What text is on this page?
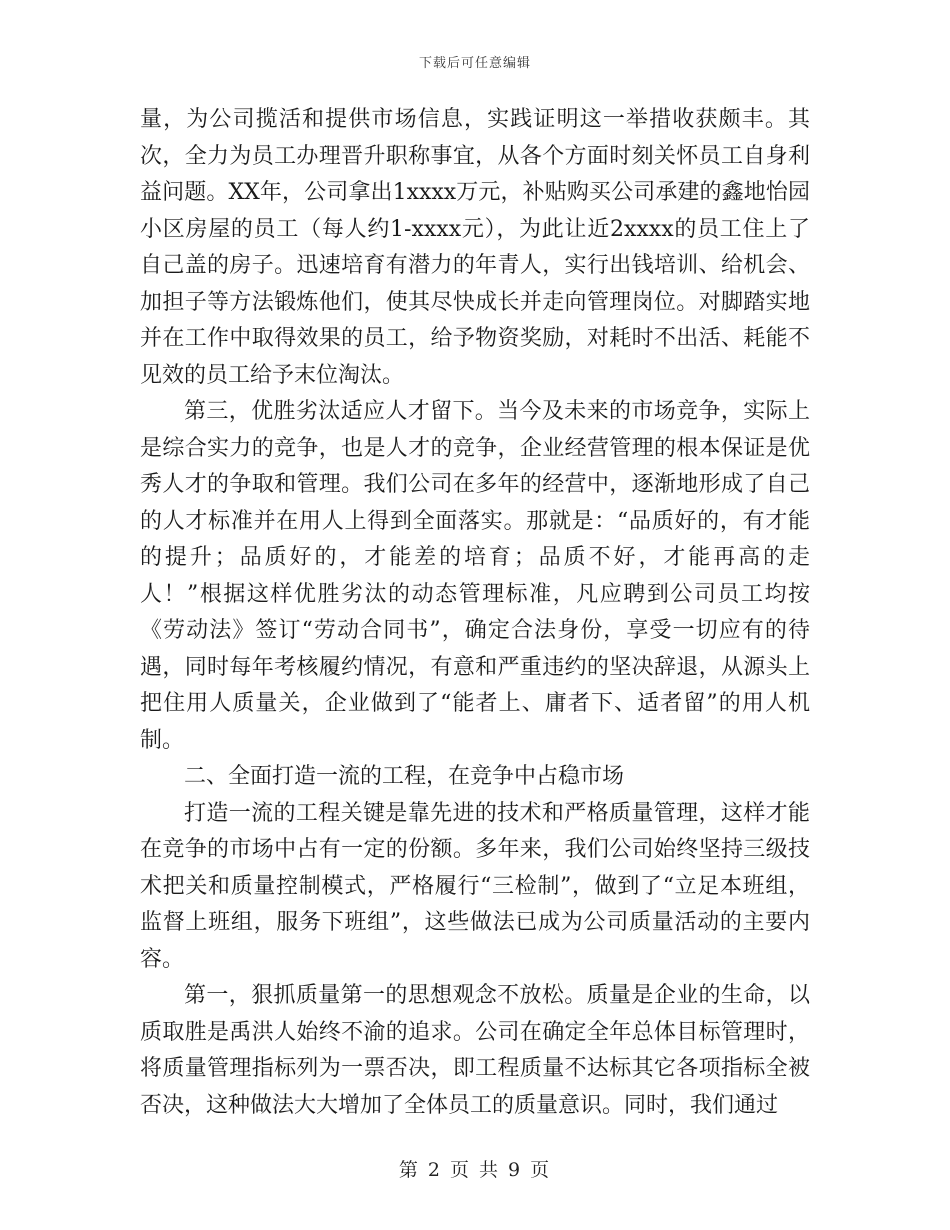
下载后可任意编辑

量，为公司揽活和提供市场信息，实践证明这一举措收获颇丰。其次，全力为员工办理晋升职称事宜，从各个方面时刻关怀员工自身利益问题。XX年，公司拿出1xxxx万元，补贴购买公司承建的鑫地怡园小区房屋的员工（每人约1-xxxx元），为此让近2xxxx的员工住上了自己盖的房子。迅速培育有潜力的年青人，实行出钱培训、给机会、加担子等方法锻炼他们，使其尽快成长并走向管理岗位。对脚踏实地并在工作中取得效果的员工，给予物资奖励，对耗时不出活、耗能不见效的员工给予末位淘汰。

第三，优胜劣汰适应人才留下。当今及未来的市场竞争，实际上是综合实力的竞争，也是人才的竞争，企业经营管理的根本保证是优秀人才的争取和管理。我们公司在多年的经营中，逐渐地形成了自己的人才标准并在用人上得到全面落实。那就是：“品质好的，有才能的提升；品质好的，才能差的培育；品质不好，才能再高的走人！”根据这样优胜劣汰的动态管理标准，凡应聘到公司员工均按《劳动法》签订“劳动合同书”，确定合法身份，享受一切应有的待遇，同时每年考核履约情况，有意和严重违约的坚决辞退，从源头上把住用人质量关，企业做到了“能者上、庸者下、适者留”的用人机制。

二、全面打造一流的工程，在竞争中占稳市场

打造一流的工程关键是靠先进的技术和严格质量管理，这样才能在竞争的市场中占有一定的份额。多年来，我们公司始终坚持三级技术把关和质量控制模式，严格履行“三检制”，做到了“立足本班组，监督上班组，服务下班组”，这些做法已成为公司质量活动的主要内容。

第一，狠抓质量第一的思想观念不放松。质量是企业的生命，以质取胜是禹洪人始终不渝的追求。公司在确定全年总体目标管理时，将质量管理指标列为一票否决，即工程质量不达标其它各项指标全被否决，这种做法大大增加了全体员工的质量意识。同时，我们通过

第 2 页 共 9 页
